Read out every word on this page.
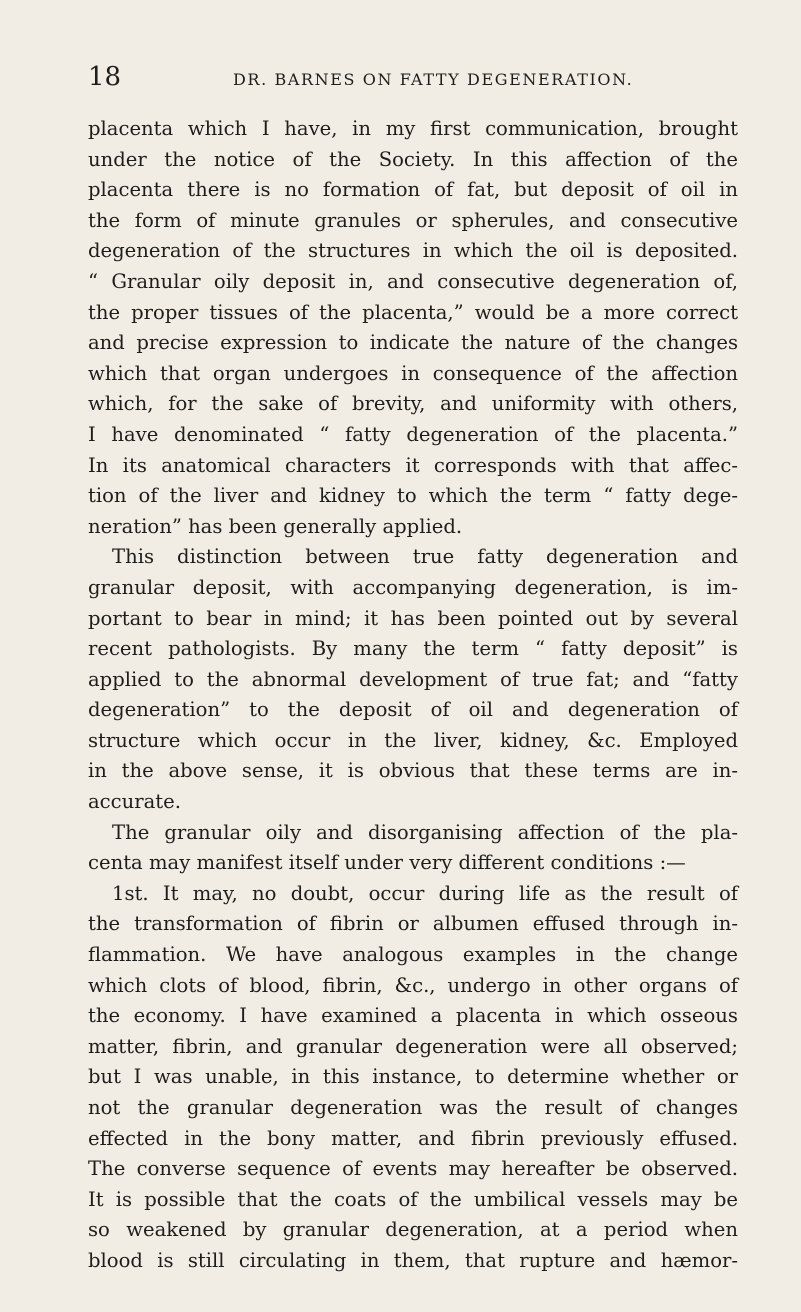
18	DR. BARNES ON FATTY DEGENERATION.
placenta which I have, in my first communication, brought
under the notice of the Society. In this affection of the
placenta there is no formation of fat, but deposit of oil in
the form of minute granules or spherules, and consecutive
degeneration of the structures in which the oil is deposited.
“ Granular oily deposit in, and consecutive degeneration of,
the proper tissues of the placenta,” would be a more correct
and precise expression to indicate the nature of the changes
which that organ undergoes in consequence of the affection
which, for the sake of brevity, and uniformity with others,
I have denominated “ fatty degeneration of the placenta.”
In its anatomical characters it corresponds with that affec-
tion of the liver and kidney to which the term “ fatty dege-
neration” has been generally applied.
This distinction between true fatty degeneration and
granular deposit, with accompanying degeneration, is im-
portant to bear in mind; it has been pointed out by several
recent pathologists. By many the term “ fatty deposit” is
applied to the abnormal development of true fat; and “fatty
degeneration” to the deposit of oil and degeneration of
structure which occur in the liver, kidney, &c. Employed
in the above sense, it is obvious that these terms are in-
accurate.
The granular oily and disorganising affection of the pla-
centa may manifest itself under very different conditions :—
1st. It may, no doubt, occur during life as the result of
the transformation of fibrin or albumen effused through in-
flammation. We have analogous examples in the change
which clots of blood, fibrin, &c., undergo in other organs of
the economy. I have examined a placenta in which osseous
matter, fibrin, and granular degeneration were all observed;
but I was unable, in this instance, to determine whether or
not the granular degeneration was the result of changes
effected in the bony matter, and fibrin previously effused.
The converse sequence of events may hereafter be observed.
It is possible that the coats of the umbilical vessels may be
so weakened by granular degeneration, at a period when
blood is still circulating in them, that rupture and hæmor-
